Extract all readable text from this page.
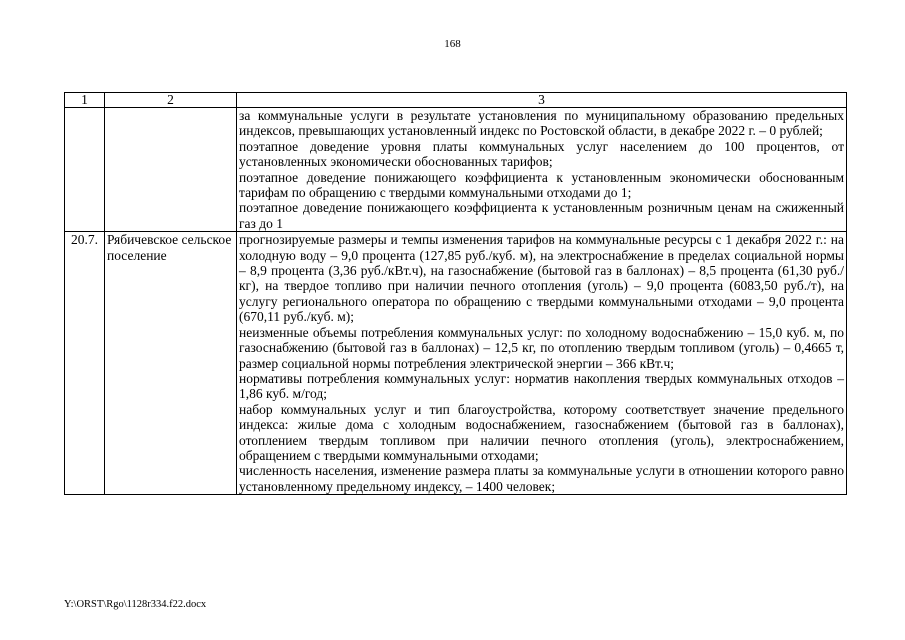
168
1	2	3

		за коммунальные услуги в результате установления по муниципальному образованию предельных индексов, превышающих установленный индекс по Ростовской области, в декабре 2022 г. – 0 рублей;

поэтапное доведение уровня платы коммунальных услуг населением до 100 процентов, от установленных экономически обоснованных тарифов;

поэтапное доведение понижающего коэффициента к установленным экономически обоснованным тарифам по обращению с твердыми коммунальными отходами до 1;

поэтапное доведение понижающего коэффициента к установленным розничным ценам на сжиженный газ до 1

20.7.	Рябичевское сельское поселение	прогнозируемые размеры и темпы изменения тарифов на коммунальные ресурсы с 1 декабря 2022 г.: на холодную воду – 9,0 процента (127,85 руб./куб. м), на электроснабжение в пределах социальной нормы – 8,9 процента (3,36 руб./кВт.ч), на газоснабжение (бытовой газ в баллонах) – 8,5 процента (61,30 руб./кг), на твердое топливо при наличии печного отопления (уголь) – 9,0 процента (6083,50 руб./т), на услугу регионального оператора по обращению с твердыми коммунальными отходами – 9,0 процента (670,11 руб./куб. м);

неизменные объемы потребления коммунальных услуг: по холодному водоснабжению – 15,0 куб. м, по газоснабжению (бытовой газ в баллонах) – 12,5 кг, по отоплению твердым топливом (уголь) – 0,4665 т, размер социальной нормы потребления электрической энергии – 366 кВт.ч;

нормативы потребления коммунальных услуг: норматив накопления твердых коммунальных отходов – 1,86 куб. м/год;

набор коммунальных услуг и тип благоустройства, которому соответствует значение предельного индекса: жилые дома с холодным водоснабжением, газоснабжением (бытовой газ в баллонах), отоплением твердым топливом при наличии печного отопления (уголь), электроснабжением, обращением с твердыми коммунальными отходами;

численность населения, изменение размера платы за коммунальные услуги в отношении которого равно установленному предельному индексу, – 1400 человек;

Y:\ORST\Rgo\1128r334.f22.docx
